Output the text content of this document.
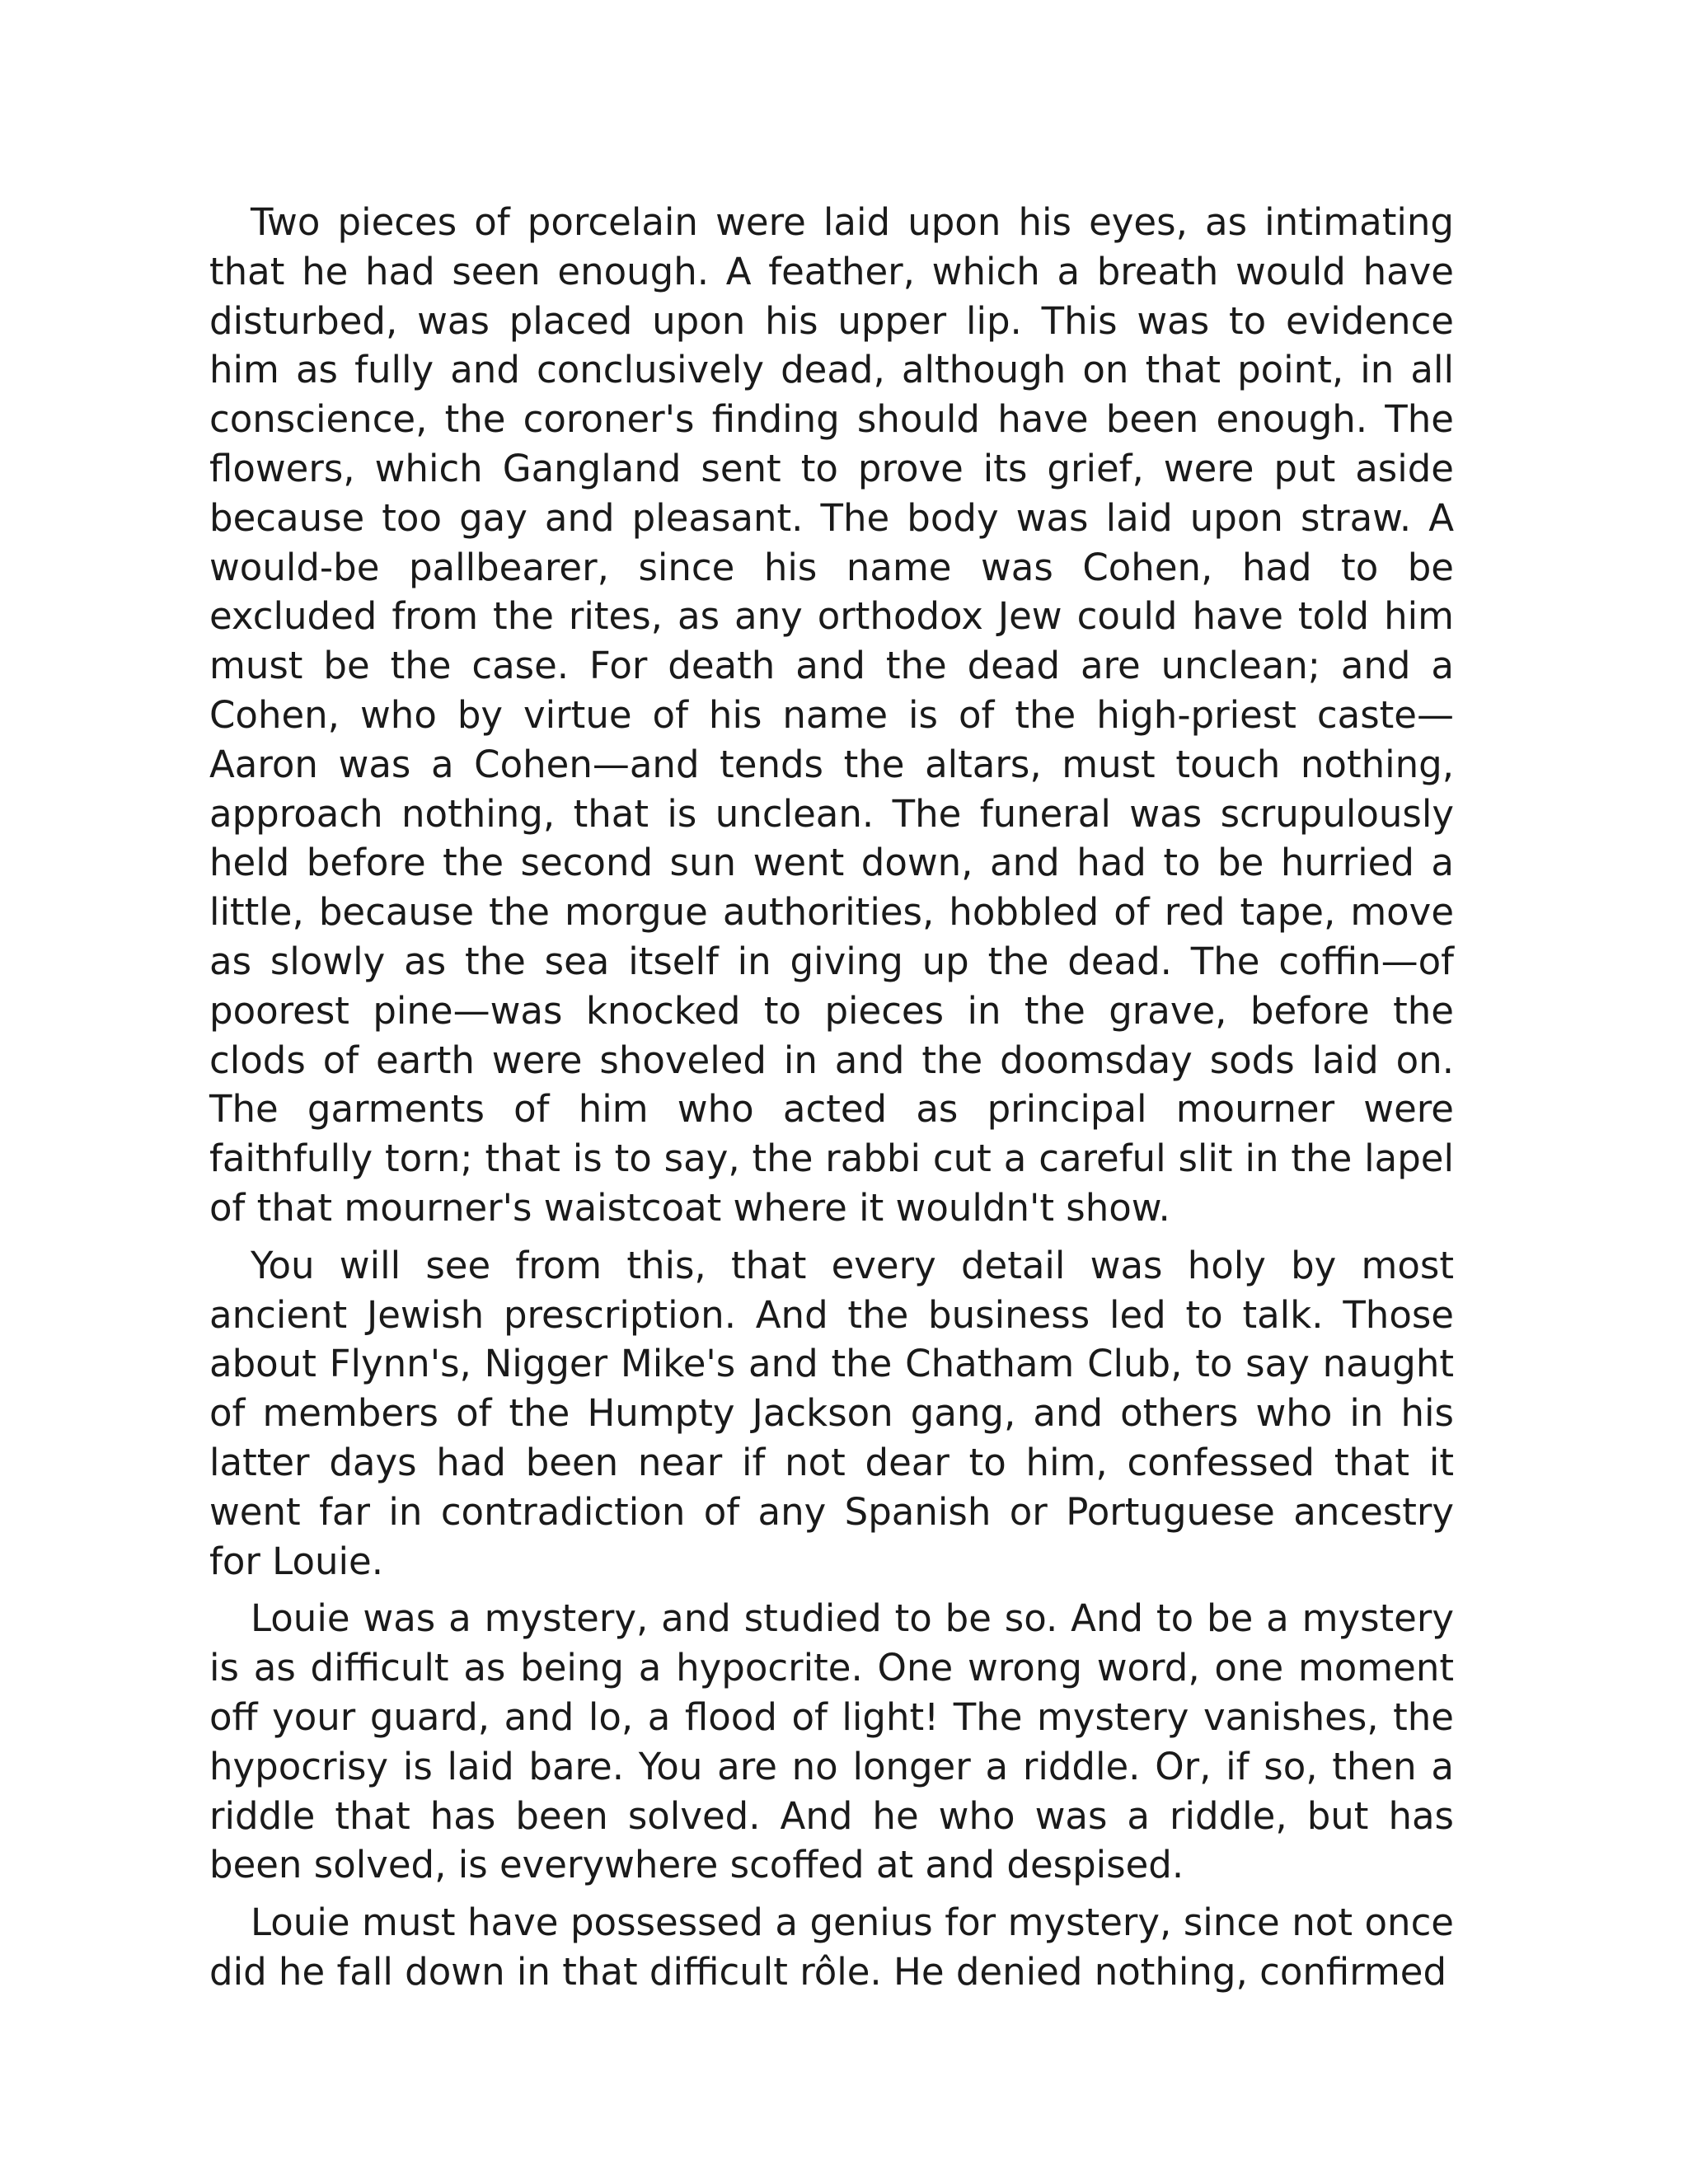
Two pieces of porcelain were laid upon his eyes, as intimating that he had seen enough. A feather, which a breath would have disturbed, was placed upon his upper lip. This was to evidence him as fully and conclusively dead, although on that point, in all conscience, the coroner's finding should have been enough. The flowers, which Gangland sent to prove its grief, were put aside because too gay and pleasant. The body was laid upon straw. A would-be pallbearer, since his name was Cohen, had to be excluded from the rites, as any orthodox Jew could have told him must be the case. For death and the dead are unclean; and a Cohen, who by virtue of his name is of the high-priest caste—Aaron was a Cohen—and tends the altars, must touch nothing, approach nothing, that is unclean. The funeral was scrupulously held before the second sun went down, and had to be hurried a little, because the morgue authorities, hobbled of red tape, move as slowly as the sea itself in giving up the dead. The coffin—of poorest pine—was knocked to pieces in the grave, before the clods of earth were shoveled in and the doomsday sods laid on. The garments of him who acted as principal mourner were faithfully torn; that is to say, the rabbi cut a careful slit in the lapel of that mourner's waistcoat where it wouldn't show.

You will see from this, that every detail was holy by most ancient Jewish prescription. And the business led to talk. Those about Flynn's, Nigger Mike's and the Chatham Club, to say naught of members of the Humpty Jackson gang, and others who in his latter days had been near if not dear to him, confessed that it went far in contradiction of any Spanish or Portuguese ancestry for Louie.

Louie was a mystery, and studied to be so. And to be a mystery is as difficult as being a hypocrite. One wrong word, one moment off your guard, and lo, a flood of light! The mystery vanishes, the hypocrisy is laid bare. You are no longer a riddle. Or, if so, then a riddle that has been solved. And he who was a riddle, but has been solved, is everywhere scoffed at and despised.

Louie must have possessed a genius for mystery, since not once did he fall down in that difficult rôle. He denied nothing, confirmed
